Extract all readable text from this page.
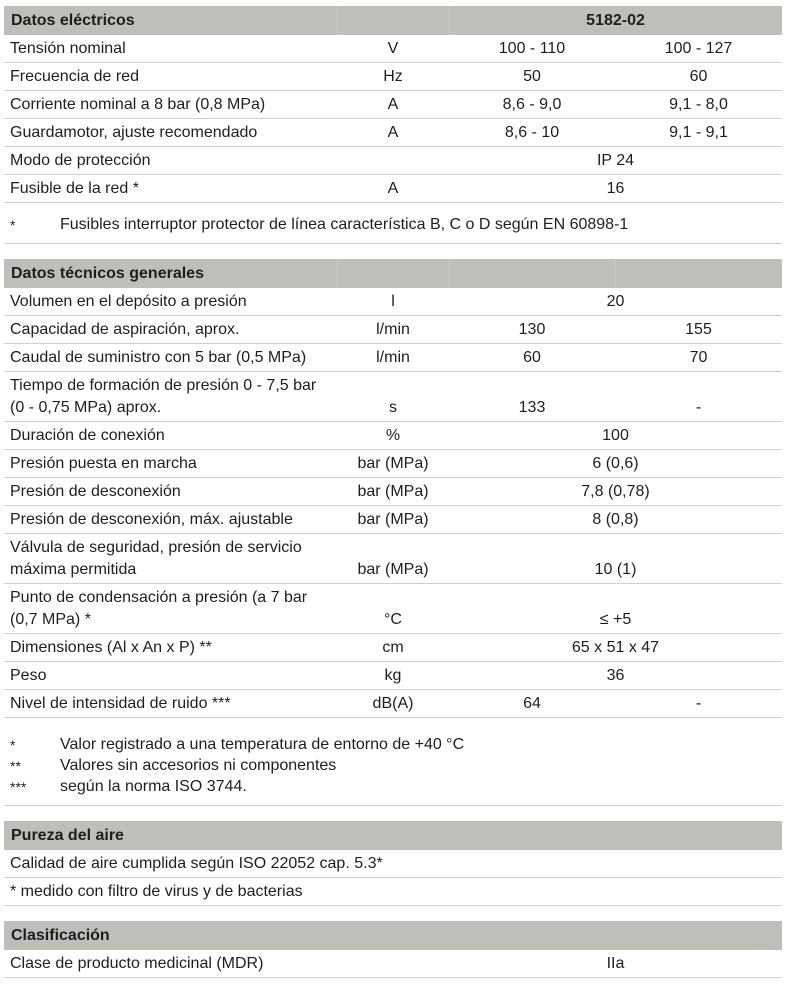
Datos eléctricos	5182-02
Tensión nominal	V	100 - 110	100 - 127
Frecuencia de red	Hz	50	60
Corriente nominal a 8 bar (0,8 MPa)	A	8,6 - 9,0	9,1 - 8,0
Guardamotor, ajuste recomendado	A	8,6 - 10	9,1 - 9,1
Modo de protección	IP 24
Fusible de la red *	A	16
*	Fusibles interruptor protector de línea característica B, C o D según EN 60898-1
Datos técnicos generales
Volumen en el depósito a presión	l	20
Capacidad de aspiración, aprox.	l/min	130	155
Caudal de suministro con 5 bar (0,5 MPa)	l/min	60	70
Tiempo de formación de presión 0 - 7,5 bar (0 - 0,75 MPa) aprox.	s	133	-
Duración de conexión	%	100
Presión puesta en marcha	bar (MPa)	6 (0,6)
Presión de desconexión	bar (MPa)	7,8 (0,78)
Presión de desconexión, máx. ajustable	bar (MPa)	8 (0,8)
Válvula de seguridad, presión de servicio máxima permitida	bar (MPa)	10 (1)
Punto de condensación a presión (a 7 bar (0,7 MPa) *	°C	≤ +5
Dimensiones (Al x An x P) **	cm	65 x 51 x 47
Peso	kg	36
Nivel de intensidad de ruido ***	dB(A)	64	-
*	Valor registrado a una temperatura de entorno de +40 °C
**	Valores sin accesorios ni componentes
***	según la norma ISO 3744.
Pureza del aire
Calidad de aire cumplida según ISO 22052 cap. 5.3*
* medido con filtro de virus y de bacterias
Clasificación
Clase de producto medicinal (MDR)	IIa
